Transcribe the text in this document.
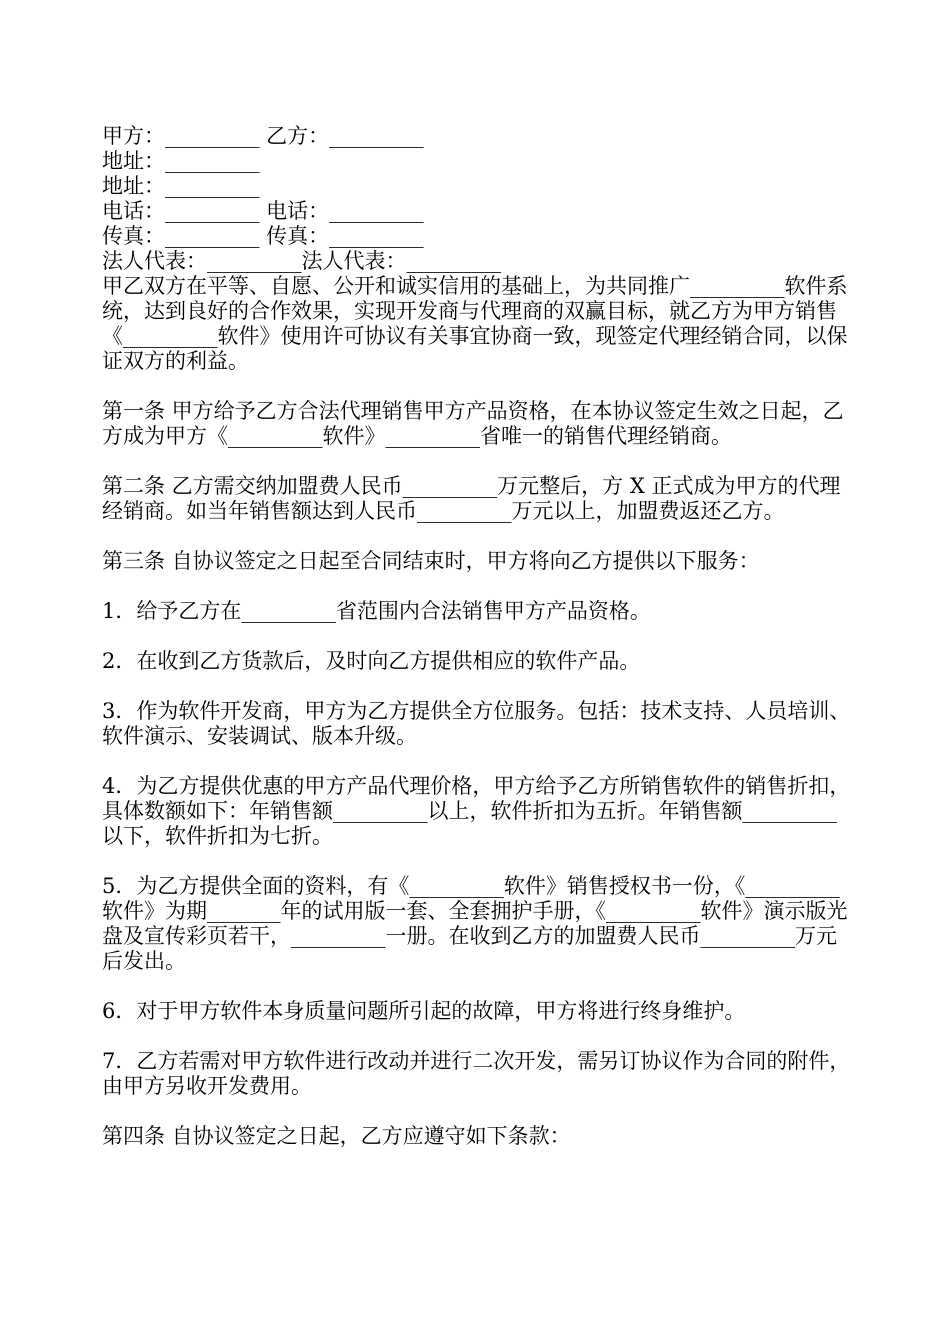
甲方：_________ 乙方：_________
地址：_________
地址：_________
电话：_________ 电话：_________
传真：_________ 传真：_________
法人代表：_________法人代表：_________

甲乙双方在平等、自愿、公开和诚实信用的基础上，为共同推广_________软件系统，达到良好的合作效果，实现开发商与代理商的双赢目标，就乙方为甲方销售《_________软件》使用许可协议有关事宜协商一致，现签定代理经销合同，以保证双方的利益。

第一条 甲方给予乙方合法代理销售甲方产品资格，在本协议签定生效之日起，乙方成为甲方《_________软件》_________省唯一的销售代理经销商。

第二条 乙方需交纳加盟费人民币_________万元整后，方 X 正式成为甲方的代理经销商。如当年销售额达到人民币_________万元以上，加盟费返还乙方。

第三条 自协议签定之日起至合同结束时，甲方将向乙方提供以下服务：

1．给予乙方在_________省范围内合法销售甲方产品资格。

2．在收到乙方货款后，及时向乙方提供相应的软件产品。

3．作为软件开发商，甲方为乙方提供全方位服务。包括：技术支持、人员培训、软件演示、安装调试、版本升级。

4．为乙方提供优惠的甲方产品代理价格，甲方给予乙方所销售软件的销售折扣，具体数额如下：年销售额_________以上，软件折扣为五折。年销售额_________以下，软件折扣为七折。

5．为乙方提供全面的资料，有《_________软件》销售授权书一份，《_________软件》为期_______年的试用版一套、全套拥护手册，《_________软件》演示版光盘及宣传彩页若干，_________一册。在收到乙方的加盟费人民币_________万元后发出。

6．对于甲方软件本身质量问题所引起的故障，甲方将进行终身维护。

7．乙方若需对甲方软件进行改动并进行二次开发，需另订协议作为合同的附件，由甲方另收开发费用。

第四条 自协议签定之日起，乙方应遵守如下条款：
